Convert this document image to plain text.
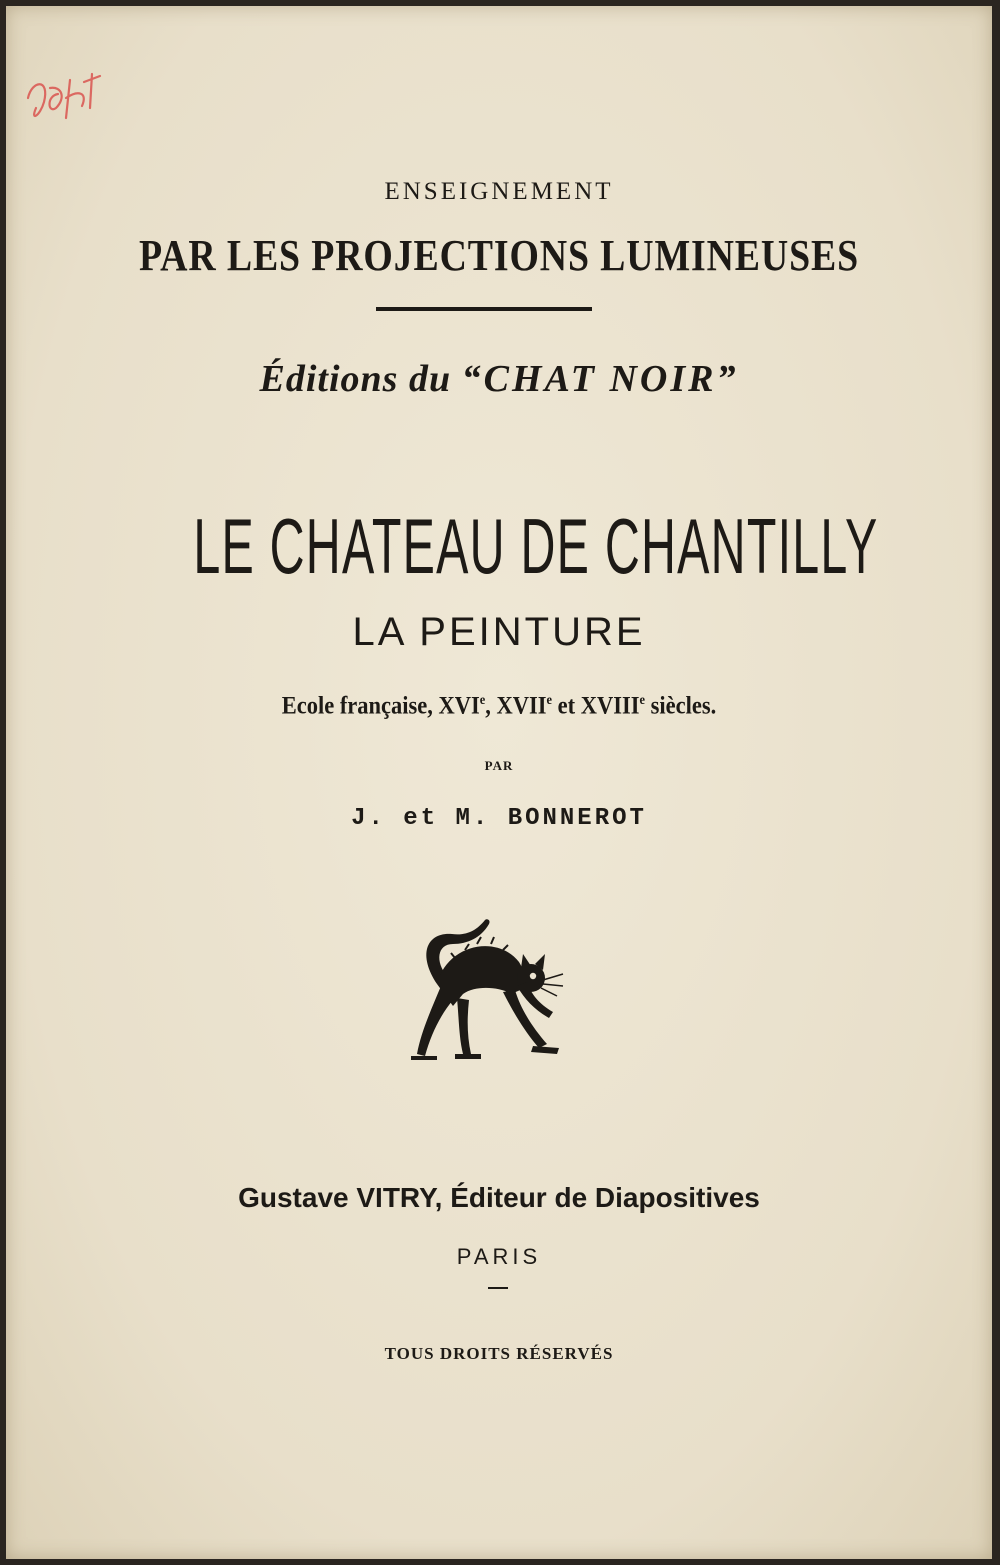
ENSEIGNEMENT
PAR LES PROJECTIONS LUMINEUSES
Éditions du “CHAT NOIR”
LE CHATEAU DE CHANTILLY
LA PEINTURE
Ecole française, XVIe, XVIIe et XVIIIe siècles.
PAR
J. et M. BONNEROT
Gustave VITRY, Éditeur de Diapositives
PARIS
TOUS DROITS RÉSERVÉS
